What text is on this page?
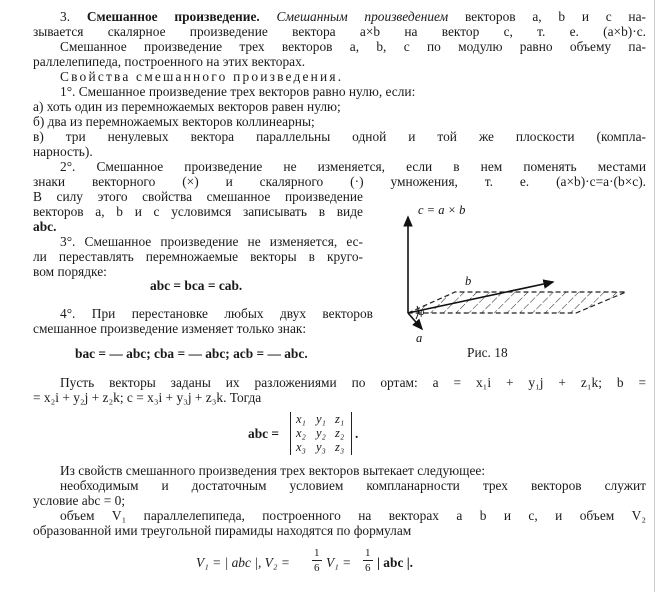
3. Смешанное произведение. Смешанным произведением векторов a, b и c на-
зывается скалярное произведение вектора a×b на вектор c, т. е. (a×b)·c.
Смешанное произведение трех векторов a, b, c по модулю равно объему па-
раллелепипеда, построенного на этих векторах.
Свойства смешанного произведения.
1°. Смешанное произведение трех векторов равно нулю, если:
а) хоть один из перемножаемых векторов равен нулю;
б) два из перемножаемых векторов коллинеарны;
в) три ненулевых вектора параллельны одной и той же плоскости (компла-
нарность).
2°. Смешанное произведение не изменяется, если в нем поменять местами
знаки векторного (×) и скалярного (·) умножения, т. е. (a×b)·c=a·(b×c).
В силу этого свойства смешанное произведение
векторов a, b и c условимся записывать в виде
abc.
3°. Смешанное произведение не изменяется, ес-
ли переставлять перемножаемые векторы в круго-
вом порядке:
abc = bca = cab.
4°. При перестановке любых двух векторов
смешанное произведение изменяет только знак:
bac = — abc; cba = — abc; acb = — abc.
c = a × b
b
a
φ
Рис. 18
Пусть векторы заданы их разложениями по ортам: a = x₁i + y₁j + z₁k; b =
= x₂i + y₂j + z₂k; c = x₃i + y₃j + z₃k. Тогда
abc =
x₁ y₁ z₁
x₂ y₂ z₂
x₃ y₃ z₃
.
Из свойств смешанного произведения трех векторов вытекает следующее:
необходимым и достаточным условием компланарности трех векторов служит
условие abc = 0;
объем V₁ параллелепипеда, построенного на векторах a b и c, и объем V₂
образованной ими треугольной пирамиды находятся по формулам
V₁ = | abc |, V₂ =
1
6 V₁ =
1
6 | abc |.
